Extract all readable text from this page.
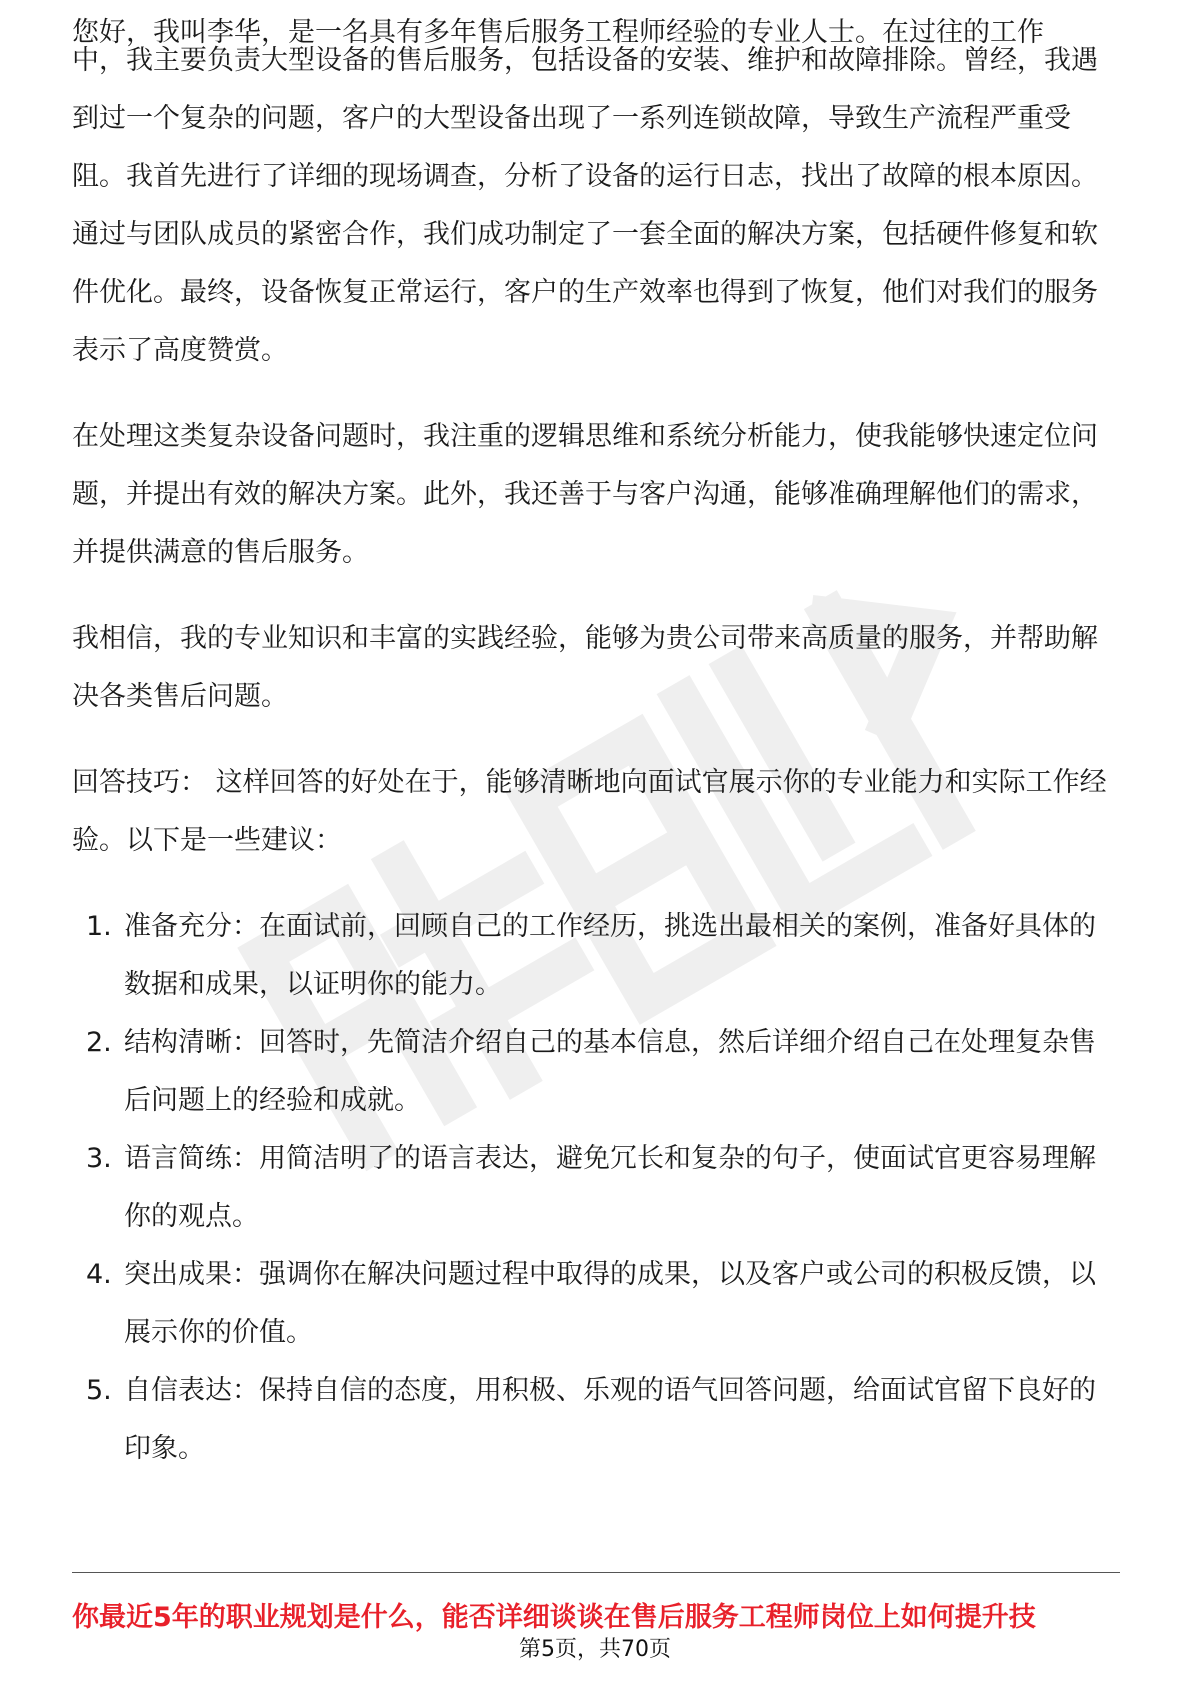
您好，我叫李华，是一名具有多年售后服务工程师经验的专业人士。在过往的工作

中，我主要负责大型设备的售后服务，包括设备的安装、维护和故障排除。曾经，我遇到过一个复杂的问题，客户的大型设备出现了一系列连锁故障，导致生产流程严重受阻。我首先进行了详细的现场调查，分析了设备的运行日志，找出了故障的根本原因。通过与团队成员的紧密合作，我们成功制定了一套全面的解决方案，包括硬件修复和软件优化。最终，设备恢复正常运行，客户的生产效率也得到了恢复，他们对我们的服务表示了高度赞赏。

在处理这类复杂设备问题时，我注重的逻辑思维和系统分析能力，使我能够快速定位问题，并提出有效的解决方案。此外，我还善于与客户沟通，能够准确理解他们的需求，并提供满意的售后服务。

我相信，我的专业知识和丰富的实践经验，能够为贵公司带来高质量的服务，并帮助解决各类售后问题。

回答技巧： 这样回答的好处在于，能够清晰地向面试官展示你的专业能力和实际工作经验。以下是一些建议：

1. 准备充分：在面试前，回顾自己的工作经历，挑选出最相关的案例，准备好具体的数据和成果，以证明你的能力。
2. 结构清晰：回答时，先简洁介绍自己的基本信息，然后详细介绍自己在处理复杂售后问题上的经验和成就。
3. 语言简练：用简洁明了的语言表达，避免冗长和复杂的句子，使面试官更容易理解你的观点。
4. 突出成果：强调你在解决问题过程中取得的成果，以及客户或公司的积极反馈，以展示你的价值。
5. 自信表达：保持自信的态度，用积极、乐观的语气回答问题，给面试官留下良好的印象。
你最近5年的职业规划是什么，能否详细谈谈在售后服务工程师岗位上如何提升技
第5页，共70页
